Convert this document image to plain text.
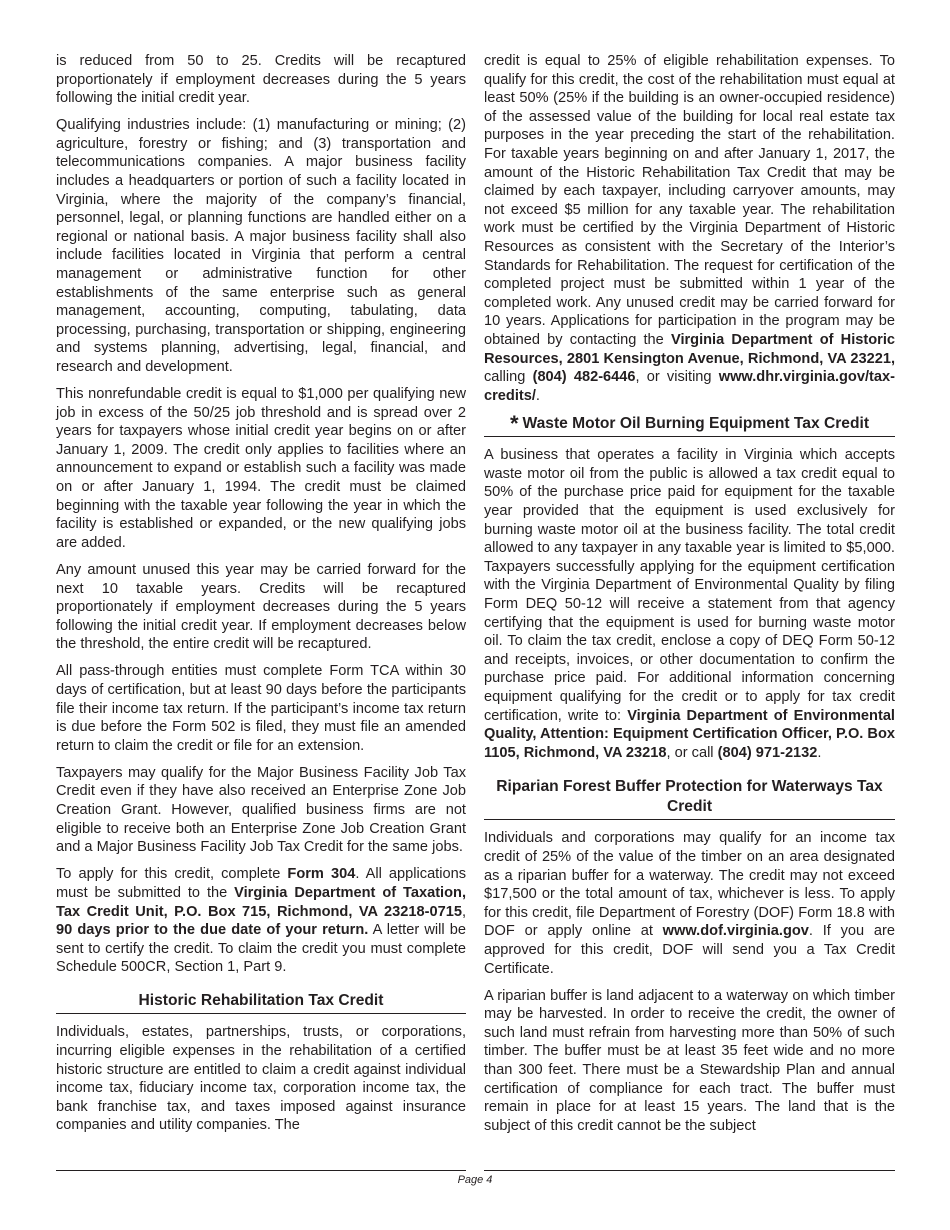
is reduced from 50 to 25. Credits will be recaptured proportionately if employment decreases during the 5 years following the initial credit year.

Qualifying industries include: (1) manufacturing or mining; (2) agriculture, forestry or fishing; and (3) transportation and telecommunications companies. A major business facility includes a headquarters or portion of such a facility located in Virginia, where the majority of the company’s financial, personnel, legal, or planning functions are handled either on a regional or national basis. A major business facility shall also include facilities located in Virginia that perform a central management or administrative function for other establishments of the same enterprise such as general management, accounting, computing, tabulating, data processing, purchasing, transportation or shipping, engineering and systems planning, advertising, legal, financial, and research and development.

This nonrefundable credit is equal to $1,000 per qualifying new job in excess of the 50/25 job threshold and is spread over 2 years for taxpayers whose initial credit year begins on or after January 1, 2009. The credit only applies to facilities where an announcement to expand or establish such a facility was made on or after January 1, 1994. The credit must be claimed beginning with the taxable year following the year in which the facility is established or expanded, or the new qualifying jobs are added.

Any amount unused this year may be carried forward for the next 10 taxable years. Credits will be recaptured proportionately if employment decreases during the 5 years following the initial credit year. If employment decreases below the threshold, the entire credit will be recaptured.

All pass-through entities must complete Form TCA within 30 days of certification, but at least 90 days before the participants file their income tax return. If the participant’s income tax return is due before the Form 502 is filed, they must file an amended return to claim the credit or file for an extension.

Taxpayers may qualify for the Major Business Facility Job Tax Credit even if they have also received an Enterprise Zone Job Creation Grant. However, qualified business firms are not eligible to receive both an Enterprise Zone Job Creation Grant and a Major Business Facility Job Tax Credit for the same jobs.

To apply for this credit, complete Form 304. All applications must be submitted to the Virginia Department of Taxation, Tax Credit Unit, P.O. Box 715, Richmond, VA 23218-0715, 90 days prior to the due date of your return. A letter will be sent to certify the credit. To claim the credit you must complete Schedule 500CR, Section 1, Part 9.

Historic Rehabilitation Tax Credit

Individuals, estates, partnerships, trusts, or corporations, incurring eligible expenses in the rehabilitation of a certified historic structure are entitled to claim a credit against individual income tax, fiduciary income tax, corporation income tax, the bank franchise tax, and taxes imposed against insurance companies and utility companies. The

credit is equal to 25% of eligible rehabilitation expenses. To qualify for this credit, the cost of the rehabilitation must equal at least 50% (25% if the building is an owner-occupied residence) of the assessed value of the building for local real estate tax purposes in the year preceding the start of the rehabilitation. For taxable years beginning on and after January 1, 2017, the amount of the Historic Rehabilitation Tax Credit that may be claimed by each taxpayer, including carryover amounts, may not exceed $5 million for any taxable year. The rehabilitation work must be certified by the Virginia Department of Historic Resources as consistent with the Secretary of the Interior’s Standards for Rehabilitation. The request for certification of the completed project must be submitted within 1 year of the completed work. Any unused credit may be carried forward for 10 years. Applications for participation in the program may be obtained by contacting the Virginia Department of Historic Resources, 2801 Kensington Avenue, Richmond, VA 23221, calling (804) 482-6446, or visiting www.dhr.virginia.gov/tax-credits/.

* Waste Motor Oil Burning Equipment Tax Credit

A business that operates a facility in Virginia which accepts waste motor oil from the public is allowed a tax credit equal to 50% of the purchase price paid for equipment for the taxable year provided that the equipment is used exclusively for burning waste motor oil at the business facility. The total credit allowed to any taxpayer in any taxable year is limited to $5,000. Taxpayers successfully applying for the equipment certification with the Virginia Department of Environmental Quality by filing Form DEQ 50-12 will receive a statement from that agency certifying that the equipment is used for burning waste motor oil. To claim the tax credit, enclose a copy of DEQ Form 50-12 and receipts, invoices, or other documentation to confirm the purchase price paid. For additional information concerning equipment qualifying for the credit or to apply for tax credit certification, write to: Virginia Department of Environmental Quality, Attention: Equipment Certification Officer, P.O. Box 1105, Richmond, VA 23218, or call (804) 971-2132.

Riparian Forest Buffer Protection for Waterways Tax Credit

Individuals and corporations may qualify for an income tax credit of 25% of the value of the timber on an area designated as a riparian buffer for a waterway. The credit may not exceed $17,500 or the total amount of tax, whichever is less. To apply for this credit, file Department of Forestry (DOF) Form 18.8 with DOF or apply online at www.dof.virginia.gov. If you are approved for this credit, DOF will send you a Tax Credit Certificate.

A riparian buffer is land adjacent to a waterway on which timber may be harvested. In order to receive the credit, the owner of such land must refrain from harvesting more than 50% of such timber. The buffer must be at least 35 feet wide and no more than 300 feet. There must be a Stewardship Plan and annual certification of compliance for each tract. The buffer must remain in place for at least 15 years. The land that is the subject of this credit cannot be the subject

Page 4
